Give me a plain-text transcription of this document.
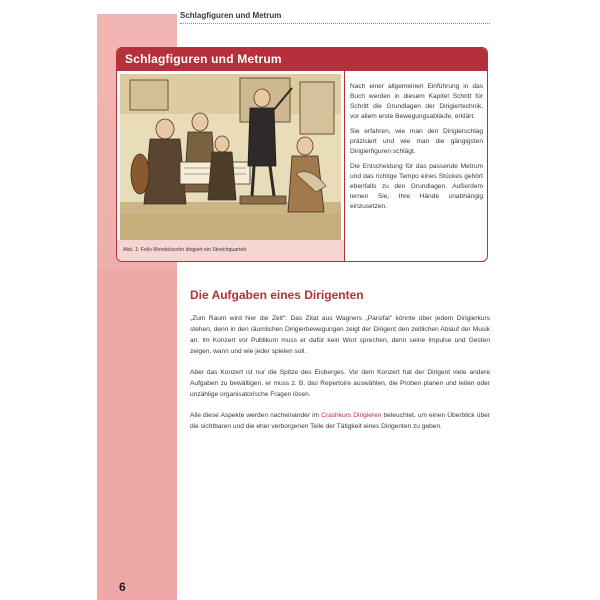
Schlagfiguren und Metrum
Schlagfiguren und Metrum
Abb. 1: Felix Mendelssohn dirigiert ein Streichquartett

Nach einer allgemeinen Einführung in das Buch werden in diesem Kapitel Schritt für Schritt die Grundlagen der Dirigiertechnik, vor allem erste Bewegungsabläufe, erklärt.

Sie erfahren, wie man den Dirigierschlag präzisiert und wie man die gängigsten Dirigierfiguren schlägt.

Die Entscheidung für das passende Metrum und das richtige Tempo eines Stückes gehört ebenfalls zu den Grundlagen. Außerdem lernen Sie, Ihre Hände unabhängig einzusetzen.

Die Aufgaben eines Dirigenten

„Zum Raum wird hier die Zeit": Das Zitat aus Wagners „Parsifal" könnte über jedem Dirigierkurs stehen, denn in den räumlichen Dirigierbewegungen zeigt der Dirigent den zeitlichen Ablauf der Musik an. Im Konzert vor Publikum muss er dafür kein Wort sprechen, denn seine Impulse und Gesten zeigen, wann und wie jeder spielen soll.

Aber das Konzert ist nur die Spitze des Eisberges. Vor dem Konzert hat der Dirigent viele andere Aufgaben zu bewältigen, er muss z. B. das Repertoire auswählen, die Proben planen und leiten oder unzählige organisatorische Fragen lösen.

Alle diese Aspekte werden nacheinander im Crashkurs Dirigieren beleuchtet, um einen Überblick über die sichtbaren und die eher verborgenen Teile der Tätigkeit eines Dirigenten zu geben.

6
